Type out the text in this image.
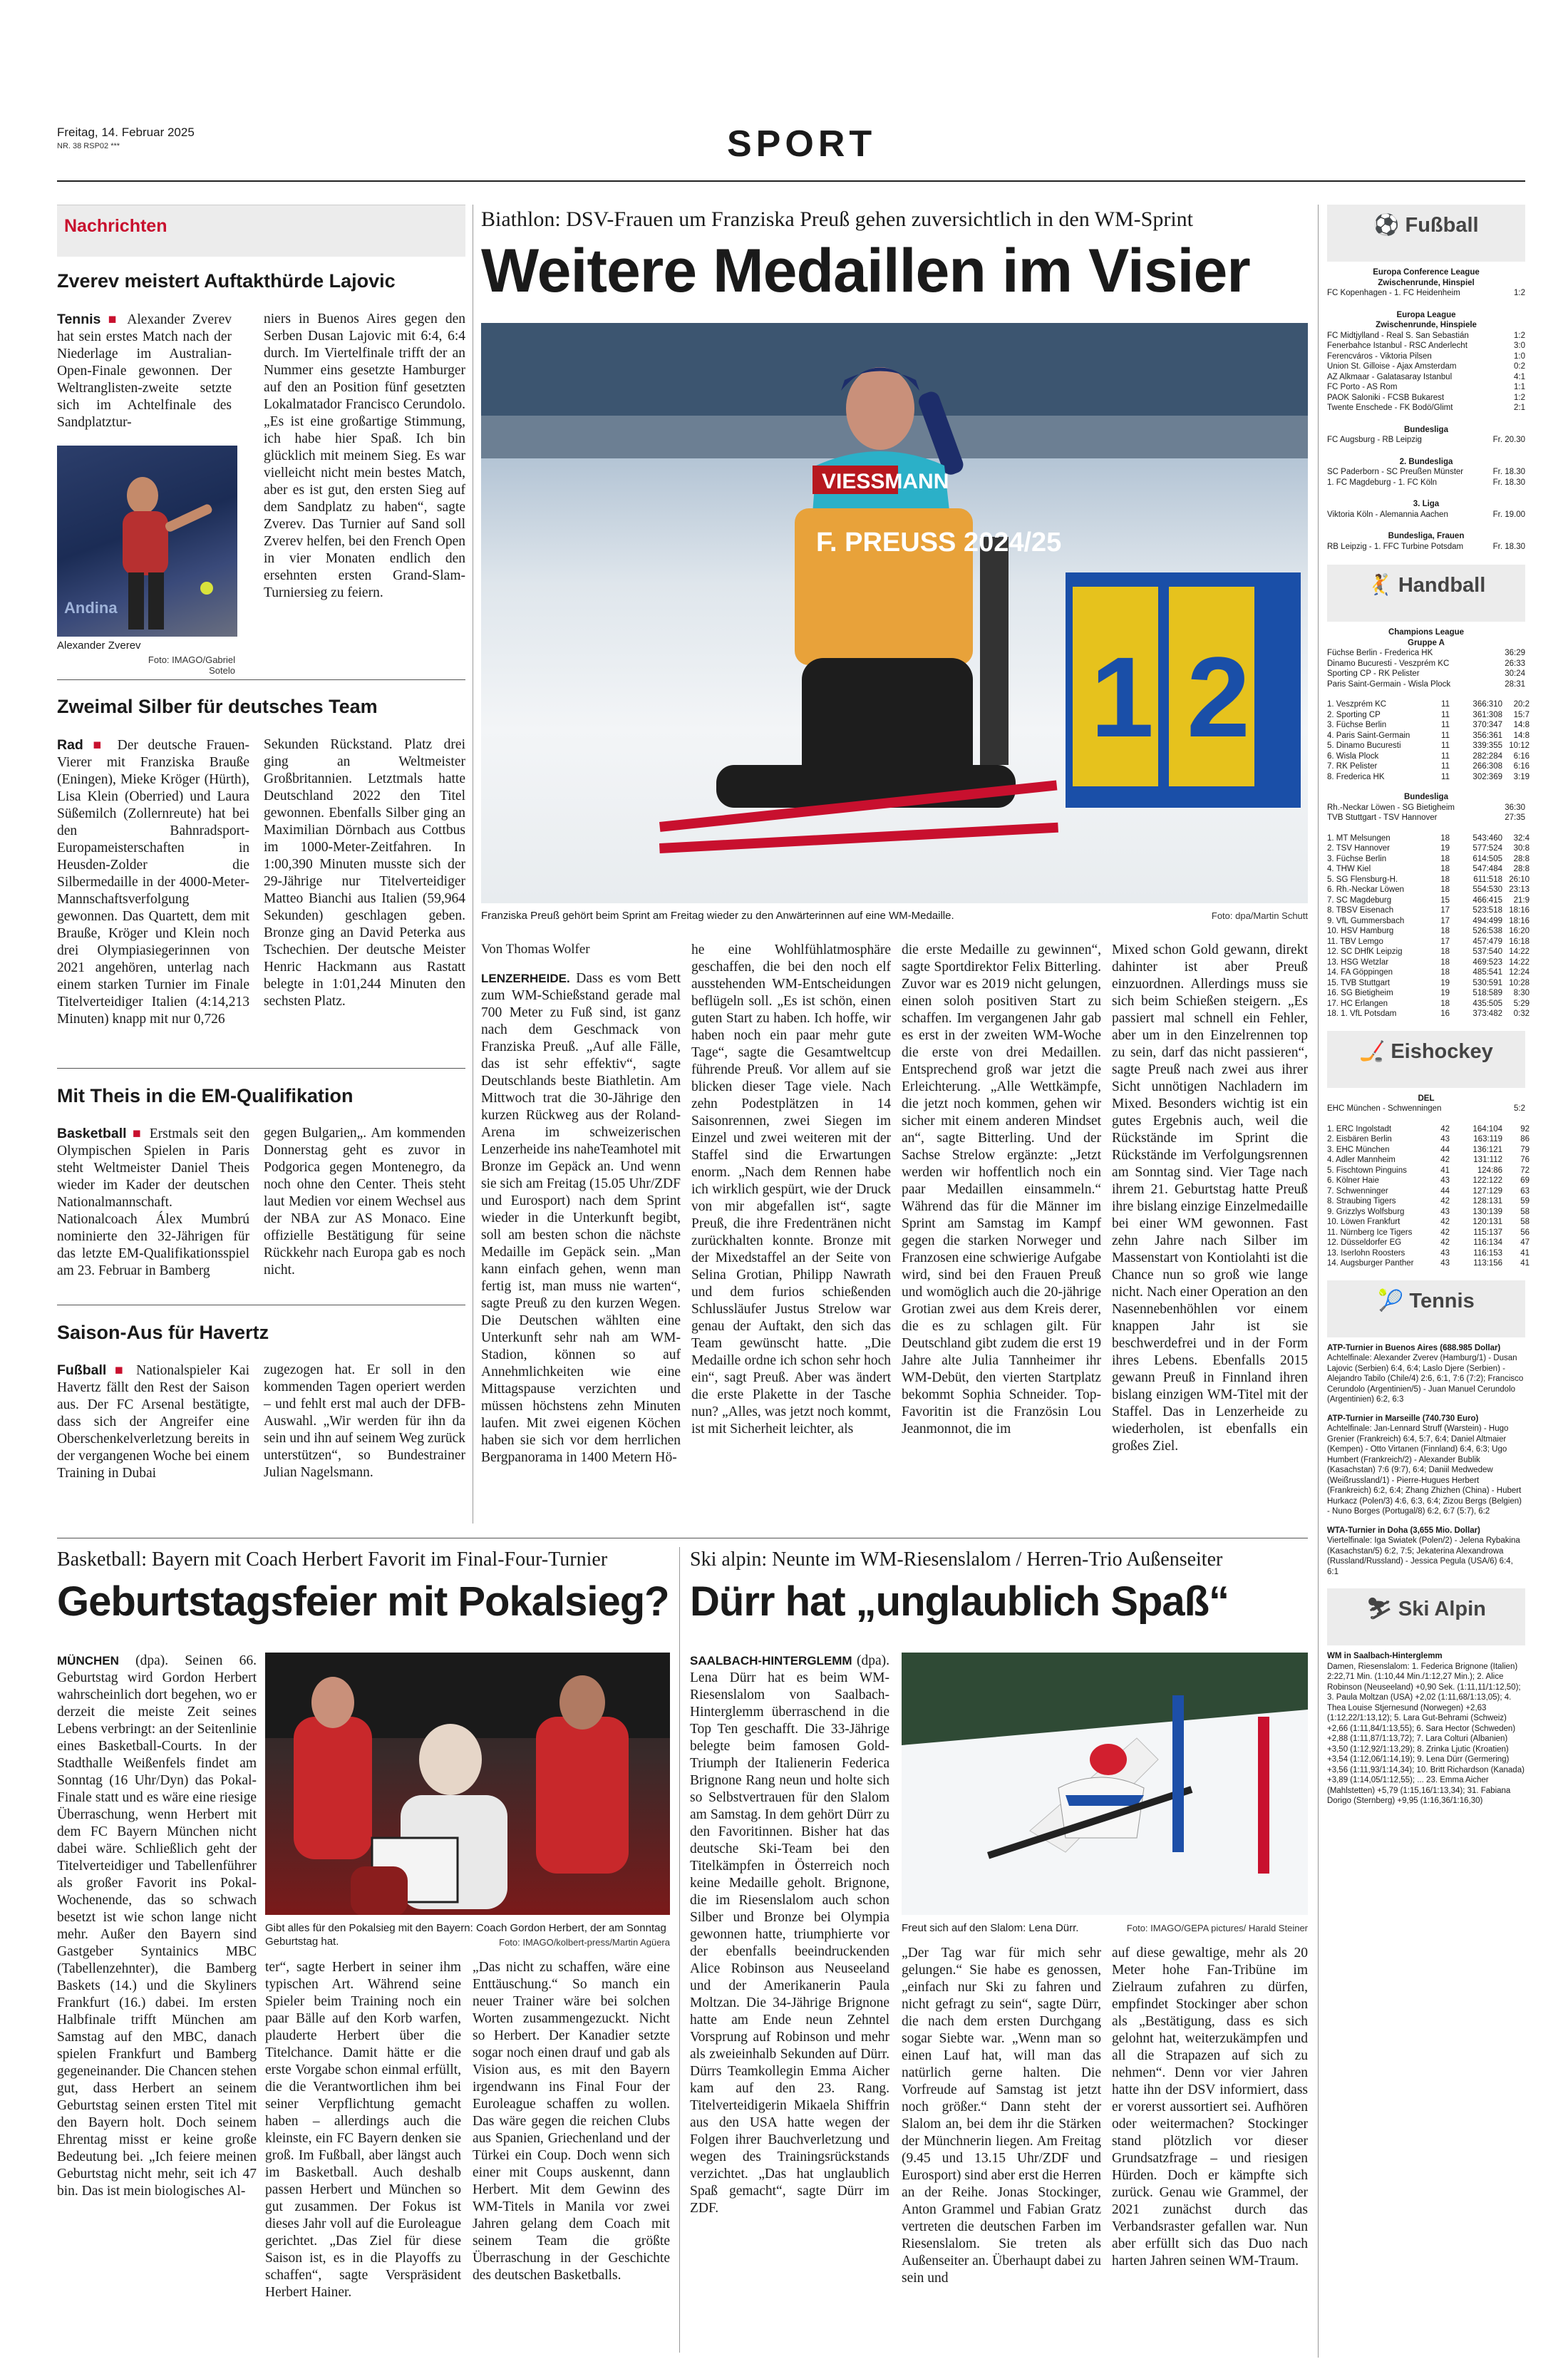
Freitag, 14. Februar 2025
NR. 38 RSP02 ***	SPORT
Nachrichten
Zverev meistert Auftakthürde Lajovic
Andina

Tennis ■ Alexander Zverev hat sein erstes Match nach der Niederlage im Australian-Open-Finale gewonnen. Der Weltranglisten-zweite setzte sich im Achtelfinale des Sandplatztur-

Alexander Zverev
Foto: IMAGO/Gabriel Sotelo
niers in Buenos Aires gegen den Serben Dusan Lajovic mit 6:4, 6:4 durch. Im Viertelfinale trifft der an Nummer eins gesetzte Hamburger auf den an Position fünf gesetzten Lokalmatador Francisco Cerundolo. „Es ist eine großartige Stimmung, ich habe hier Spaß. Ich bin glücklich mit meinem Sieg. Es war vielleicht nicht mein bestes Match, aber es ist gut, den ersten Sieg auf dem Sandplatz zu haben“, sagte Zverev. Das Turnier auf Sand soll Zverev helfen, bei den French Open in vier Monaten endlich den ersehnten ersten Grand-Slam-Turniersieg zu feiern.
Zweimal Silber für deutsches Team

Rad ■ Der deutsche Frauen-Vierer mit Franziska Brauße (Eningen), Mieke Kröger (Hürth), Lisa Klein (Oberried) und Laura Süßemilch (Zollernreute) hat bei den Bahnradsport-Europameisterschaften in Heusden-Zolder die Silbermedaille in der 4000-Meter-Mannschaftsverfolgung gewonnen. Das Quartett, dem mit Brauße, Kröger und Klein noch drei Olympiasiegerinnen von 2021 angehören, unterlag nach einem starken Turnier im Finale Titelverteidiger Italien (4:14,213 Minuten) knapp mit nur 0,726

Sekunden Rückstand. Platz drei ging an Weltmeister Großbritannien. Letztmals hatte Deutschland 2022 den Titel gewonnen. Ebenfalls Silber ging an Maximilian Dörnbach aus Cottbus im 1000-Meter-Zeitfahren. In 1:00,390 Minuten musste sich der 29-Jährige nur Titelverteidiger Matteo Bianchi aus Italien (59,964 Sekunden) geschlagen geben. Bronze ging an David Peterka aus Tschechien. Der deutsche Meister Henric Hackmann aus Rastatt belegte in 1:01,244 Minuten den sechsten Platz.
Mit Theis in die EM-Qualifikation

Basketball ■ Erstmals seit den Olympischen Spielen in Paris steht Weltmeister Daniel Theis wieder im Kader der deutschen Nationalmannschaft. Nationalcoach Álex Mumbrú nominierte den 32-Jährigen für das letzte EM-Qualifikationsspiel am 23. Februar in Bamberg

gegen Bulgarien„. Am kommenden Donnerstag geht es zuvor in Podgorica gegen Montenegro, da noch ohne den Center. Theis steht laut Medien vor einem Wechsel aus der NBA zur AS Monaco. Eine offizielle Bestätigung für seine Rückkehr nach Europa gab es noch nicht.
Saison-Aus für Havertz

Fußball ■ Nationalspieler Kai Havertz fällt den Rest der Saison aus. Der FC Arsenal bestätigte, dass sich der Angreifer eine Oberschenkelverletzung bereits in der vergangenen Woche bei einem Training in Dubai

zugezogen hat. Er soll in den kommenden Tagen operiert werden – und fehlt erst mal auch der DFB-Auswahl. „Wir werden für ihn da sein und ihn auf seinem Weg zurück unterstützen“, so Bundestrainer Julian Nagelsmann.
Biathlon: DSV-Frauen um Franziska Preuß gehen zuversichtlich in den WM-Sprint
Weitere Medaillen im Visier
1 2
VIESSMANN
F. PREUSS 2024/25
Franziska Preuß gehört beim Sprint am Freitag wieder zu den Anwärterinnen auf eine WM-Medaille.	Foto: dpa/Martin Schutt
Von Thomas Wolfer

LENZERHEIDE. Dass es vom Bett zum WM-Schießstand gerade mal 700 Meter zu Fuß sind, ist ganz nach dem Geschmack von Franziska Preuß. „Auf alle Fälle, das ist sehr effektiv“, sagte Deutschlands beste Biathletin. Am Mittwoch trat die 30-Jährige den kurzen Rückweg aus der Roland-Arena im schweizerischen Lenzerheide ins naheTeamhotel mit Bronze im Gepäck an. Und wenn sie sich am Freitag (15.05 Uhr/ZDF und Eurosport) nach dem Sprint wieder in die Unterkunft begibt, soll am besten schon die nächste Medaille im Gepäck sein. „Man kann einfach gehen, wenn man fertig ist, man muss nie warten“, sagte Preuß zu den kurzen Wegen. Die Deutschen wählten eine Unterkunft sehr nah am WM-Stadion, können so auf Annehmlichkeiten wie eine Mittagspause verzichten und müssen höchstens zehn Minuten laufen. Mit zwei eigenen Köchen haben sie sich vor dem herrlichen Bergpanorama in 1400 Metern Hö-

he eine Wohlfühlatmosphäre geschaffen, die bei den noch elf ausstehenden WM-Entscheidungen beflügeln soll. „Es ist schön, einen guten Start zu haben. Ich hoffe, wir haben noch ein paar mehr gute Tage“, sagte die Gesamtweltcup führende Preuß. Vor allem auf sie blicken dieser Tage viele. Nach zehn Podestplätzen in 14 Saisonrennen, zwei Siegen im Einzel und zwei weiteren mit der Staffel sind die Erwartungen enorm. „Nach dem Rennen habe ich wirklich gespürt, wie der Druck von mir abgefallen ist“, sagte Preuß, die ihre Fredentränen nicht zurückhalten konnte. Bronze mit der Mixedstaffel an der Seite von Selina Grotian, Philipp Nawrath und dem furios schießenden Schlussläufer Justus Strelow war genau der Auftakt, den sich das Team gewünscht hatte. „Die Medaille ordne ich schon sehr hoch ein“, sagt Preuß. Aber was ändert die erste Plakette in der Tasche nun? „Alles, was jetzt noch kommt, ist mit Sicherheit leichter, als
die erste Medaille zu gewinnen“, sagte Sportdirektor Felix Bitterling. Zuvor war es 2019 nicht gelungen, einen soloh positiven Start zu schaffen. Im vergangenen Jahr gab es erst in der zweiten WM-Woche die erste von drei Medaillen. Entsprechend groß war jetzt die Erleichterung. „Alle Wettkämpfe, die jetzt noch kommen, gehen wir sicher mit einem anderen Mindset an“, sagte Bitterling. Und der Sachse Strelow ergänzte: „Jetzt werden wir hoffentlich noch ein paar Medaillen einsammeln.“ Während das für die Männer im Sprint am Samstag im Kampf gegen die starken Norweger und Franzosen eine schwierige Aufgabe wird, sind bei den Frauen Preuß und womöglich auch die 20-jährige Grotian zwei aus dem Kreis derer, die es zu schlagen gilt. Für Deutschland gibt zudem die erst 19 Jahre alte Julia Tannheimer ihr WM-Debüt, den vierten Startplatz bekommt Sophia Schneider. Top-Favoritin ist die Französin Lou Jeanmonnot, die im
Mixed schon Gold gewann, direkt dahinter ist aber Preuß einzuordnen. Allerdings muss sie sich beim Schießen steigern. „Es passiert mal schnell ein Fehler, aber um in den Einzelrennen top zu sein, darf das nicht passieren“, sagte Preuß nach zwei aus ihrer Sicht unnötigen Nachladern im Mixed. Besonders wichtig ist ein gutes Ergebnis auch, weil die Rückstände im Sprint die Rückstände im Verfolgungsrennen am Sonntag sind. Vier Tage nach ihrem 21. Geburtstag hatte Preuß ihre bislang einzige Einzelmedaille bei einer WM gewonnen. Fast zehn Jahre nach Silber im Massenstart von Kontiolahti ist die Chance nun so groß wie lange nicht. Nach einer Operation an den Nasennebenhöhlen vor einem knappen Jahr ist sie beschwerdefrei und in der Form ihres Lebens. Ebenfalls 2015 gewann Preuß in Finnland ihren bislang einzigen WM-Titel mit der Staffel. Das in Lenzerheide zu wiederholen, ist ebenfalls ein großes Ziel.
Basketball: Bayern mit Coach Herbert Favorit im Final-Four-Turnier
Geburtstagsfeier mit Pokalsieg?

MÜNCHEN (dpa). Seinen 66. Geburtstag wird Gordon Herbert wahrscheinlich dort begehen, wo er derzeit die meiste Zeit seines Lebens verbringt: an der Seitenlinie eines Basketball-Courts. In der Stadthalle Weißenfels findet am Sonntag (16 Uhr/Dyn) das Pokal-Finale statt und es wäre eine riesige Überraschung, wenn Herbert mit dem FC Bayern München nicht dabei wäre. Schließlich geht der Titelverteidiger und Tabellenführer als großer Favorit ins Pokal-Wochenende, das so schwach besetzt ist wie schon lange nicht mehr. Außer den Bayern sind Gastgeber Syntainics MBC (Tabellenzehnter), die Bamberg Baskets (14.) und die Skyliners Frankfurt (16.) dabei. Im ersten Halbfinale trifft München am Samstag auf den MBC, danach spielen Frankfurt und Bamberg gegeneinander. Die Chancen stehen gut, dass Herbert an seinem Geburtstag seinen ersten Titel mit den Bayern holt. Doch seinem Ehrentag misst er keine große Bedeutung bei. „Ich feiere meinen Geburtstag nicht mehr, seit ich 47 bin. Das ist mein biologisches Al-

Gibt alles für den Pokalsieg mit den Bayern: Coach Gordon Herbert, der am Sonntag Geburtstag hat.	Foto: IMAGO/kolbert-press/Martin Agüera
ter“, sagte Herbert in seiner ihm typischen Art. Während seine Spieler beim Training noch ein paar Bälle auf den Korb warfen, plauderte Herbert über die Titelchance. Damit hätte er die erste Vorgabe schon einmal erfüllt, die die Verantwortlichen ihm bei seiner Verpflichtung gemacht haben – allerdings auch die kleinste, ein FC Bayern denken sie groß. Im Fußball, aber längst auch im Basketball. Auch deshalb passen Herbert und München so gut zusammen. Der Fokus ist dieses Jahr voll auf die Euroleague gerichtet. „Das Ziel für diese Saison ist, es in die Playoffs zu schaffen“, sagte Verspräsident Herbert Hainer.
„Das nicht zu schaffen, wäre eine Enttäuschung.“ So manch ein neuer Trainer wäre bei solchen Worten zusammengezuckt. Nicht so Herbert. Der Kanadier setzte sogar noch einen drauf und gab als Vision aus, es mit den Bayern irgendwann ins Final Four der Euroleague schaffen zu wollen. Das wäre gegen die reichen Clubs aus Spanien, Griechenland und der Türkei ein Coup. Doch wenn sich einer mit Coups auskennt, dann Herbert. Mit dem Gewinn des WM-Titels in Manila vor zwei Jahren gelang dem Coach mit seinem Team die größte Überraschung in der Geschichte des deutschen Basketballs.
Ski alpin: Neunte im WM-Riesenslalom / Herren-Trio Außenseiter
Dürr hat „unglaublich Spaß“

SAALBACH-HINTERGLEMM (dpa). Lena Dürr hat es beim WM-Riesenslalom von Saalbach-Hinterglemm überraschend in die Top Ten geschafft. Die 33-Jährige belegte beim famosen Gold-Triumph der Italienerin Federica Brignone Rang neun und holte sich so Selbstvertrauen für den Slalom am Samstag. In dem gehört Dürr zu den Favoritinnen. Bisher hat das deutsche Ski-Team bei den Titelkämpfen in Österreich noch keine Medaille geholt. Brignone, die im Riesenslalom auch schon Silber und Bronze bei Olympia gewonnen hatte, triumphierte vor der ebenfalls beeindruckenden Alice Robinson aus Neuseeland und der Amerikanerin Paula Moltzan. Die 34-Jährige Brignone hatte am Ende neun Zehntel Vorsprung auf Robinson und mehr als zweieinhalb Sekunden auf Dürr. Dürrs Teamkollegin Emma Aicher kam auf den 23. Rang. Titelverteidigerin Mikaela Shiffrin aus den USA hatte wegen der Folgen ihrer Bauchverletzung und wegen des Trainingsrückstands verzichtet. „Das hat unglaublich Spaß gemacht“, sagte Dürr im ZDF.

Freut sich auf den Slalom: Lena Dürr.	Foto: IMAGO/GEPA pictures/ Harald Steiner
„Der Tag war für mich sehr gelungen.“ Sie habe es genossen, „einfach nur Ski zu fahren und nicht gefragt zu sein“, sagte Dürr, die nach dem ersten Durchgang sogar Siebte war. „Wenn man so einen Lauf hat, will man das natürlich gerne halten. Die Vorfreude auf Samstag ist jetzt noch größer.“ Dann steht der Slalom an, bei dem ihr die Stärken der Münchnerin liegen. Am Freitag (9.45 und 13.15 Uhr/ZDF und Eurosport) sind aber erst die Herren an der Reihe. Jonas Stockinger, Anton Grammel und Fabian Gratz vertreten die deutschen Farben im Riesenslalom. Sie treten als Außenseiter an. Überhaupt dabei zu sein und
auf diese gewaltige, mehr als 20 Meter hohe Fan-Tribüne im Zielraum zufahren zu dürfen, empfindet Stockinger aber schon als „Bestätigung, dass es sich gelohnt hat, weiterzukämpfen und all die Strapazen auf sich zu nehmen“. Denn vor vier Jahren hatte ihn der DSV informiert, dass er vorerst aussortiert sei. Aufhören oder weitermachen? Stockinger stand plötzlich vor dieser Grundsatzfrage – und riesigen Hürden. Doch er kämpfte sich zurück. Genau wie Grammel, der 2021 zunächst durch das Verbandsraster gefallen war. Nun aber erfüllt sich das Duo nach harten Jahren seinen WM-Traum.
⚽ Fußball
Europa Conference League
Zwischenrunde, Hinspiel
FC Kopenhagen - 1. FC Heidenheim	1:2
Europa League
Zwischenrunde, Hinspiele
FC Midtjylland - Real S. San Sebastián	1:2
Fenerbahce Istanbul - RSC Anderlecht	3:0
Ferencváros - Viktoria Pilsen	1:0
Union St. Gilloise - Ajax Amsterdam	0:2
AZ Alkmaar - Galatasaray Istanbul	4:1
FC Porto - AS Rom	1:1
PAOK Saloniki - FCSB Bukarest	1:2
Twente Enschede - FK Bodö/Glimt	2:1
Bundesliga
FC Augsburg - RB Leipzig	Fr. 20.30
2. Bundesliga
SC Paderborn - SC Preußen Münster	Fr. 18.30
1. FC Magdeburg - 1. FC Köln	Fr. 18.30
3. Liga
Viktoria Köln - Alemannia Aachen	Fr. 19.00
Bundesliga, Frauen
RB Leipzig - 1. FFC Turbine Potsdam	Fr. 18.30
🤾 Handball
Champions League
Gruppe A
Füchse Berlin - Frederica HK	36:29
Dinamo Bucuresti - Veszprém KC	26:33
Sporting CP - RK Pelister	30:24
Paris Saint-Germain - Wisla Plock	28:31
1. Veszprém KC	11	366:310	20:2
2. Sporting CP	11	361:308	15:7
3. Füchse Berlin	11	370:347	14:8
4. Paris Saint-Germain	11	356:361	14:8
5. Dinamo Bucuresti	11	339:355 10:12
6. Wisla Plock	11	282:284	6:16
7. RK Pelister	11	266:308	6:16
8. Frederica HK	11	302:369	3:19
Bundesliga
Rh.-Neckar Löwen - SG Bietigheim	36:30
TVB Stuttgart - TSV Hannover	27:35
1. MT Melsungen	18	543:460	32:4
2. TSV Hannover	19	577:524	30:8
3. Füchse Berlin	18	614:505	28:8
4. THW Kiel	18	547:484	28:8
5. SG Flensburg-H.	18	611:518 26:10
6. Rh.-Neckar Löwen	18	554:530 23:13
7. SC Magdeburg	15	466:415	21:9
8. TBSV Eisenach	17	523:518 18:16
9. VfL Gummersbach	17	494:499 18:16
10. HSV Hamburg	18	526:538 16:20
11. TBV Lemgo	17	457:479 16:18
12. SC DHfK Leipzig	18	537:540 14:22
13. HSG Wetzlar	18	469:523 14:22
14. FA Göppingen	18	485:541 12:24
15. TVB Stuttgart	19	530:591 10:28
16. SG Bietigheim	19	518:589	8:30
17. HC Erlangen	18	435:505	5:29
18. 1. VfL Potsdam	16	373:482	0:32
🏒 Eishockey
DEL
EHC München - Schwenningen	5:2
1. ERC Ingolstadt	42	164:104	92
2. Eisbären Berlin	43	163:119	86
3. EHC München	44	136:121	79
4. Adler Mannheim	42	131:112	76
5. Fischtown Pinguins	41	124:86	72
6. Kölner Haie	43	122:122	69
7. Schwenninger	44	127:129	63
8. Straubing Tigers	42	128:131	59
9. Grizzlys Wolfsburg	43	130:139	58
10. Löwen Frankfurt	42	120:131	58
11. Nürnberg Ice Tigers	42	115:137	56
12. Düsseldorfer EG	42	116:134	47
13. Iserlohn Roosters	43	116:153	41
14. Augsburger Panther	43	113:156	41
🎾 Tennis
ATP-Turnier in Buenos Aires (688.985 Dollar)
Achtelfinale: Alexander Zverev (Hamburg/1) - Dusan Lajovic (Serbien) 6:4, 6:4; Laslo Djere (Serbien) - Alejandro Tabilo (Chile/4) 2:6, 6:1, 7:6 (7:2); Francisco Cerundolo (Argentinien/5) - Juan Manuel Cerundolo (Argentinien) 6:2, 6:3
ATP-Turnier in Marseille (740.730 Euro)
Achtelfinale: Jan-Lennard Struff (Warstein) - Hugo Grenier (Frankreich) 6:4, 5:7, 6:4; Daniel Altmaier (Kempen) - Otto Virtanen (Finnland) 6:4, 6:3; Ugo Humbert (Frankreich/2) - Alexander Bublik (Kasachstan) 7:6 (9:7), 6:4; Daniil Medwedew (Weißrussland/1) - Pierre-Hugues Herbert (Frankreich) 6:2, 6:4; Zhang Zhizhen (China) - Hubert Hurkacz (Polen/3) 4:6, 6:3, 6:4; Zizou Bergs (Belgien) - Nuno Borges (Portugal/8) 6:2, 6:7 (5:7), 6:2
WTA-Turnier in Doha (3,655 Mio. Dollar)
Viertelfinale: Iga Swiatek (Polen/2) - Jelena Rybakina (Kasachstan/5) 6:2, 7:5; Jekaterina Alexandrowa (Russland/Russland) - Jessica Pegula (USA/6) 6:4, 6:1
⛷ Ski Alpin
WM in Saalbach-Hinterglemm
Damen, Riesenslalom: 1. Federica Brignone (Italien) 2:22,71 Min. (1:10,44 Min./1:12,27 Min.); 2. Alice Robinson (Neuseeland) +0,90 Sek. (1:11,11/1:12,50); 3. Paula Moltzan (USA) +2,02 (1:11,68/1:13,05); 4. Thea Louise Stjernesund (Norwegen) +2,63 (1:12,22/1:13,12); 5. Lara Gut-Behrami (Schweiz) +2,66 (1:11,84/1:13,55); 6. Sara Hector (Schweden) +2,88 (1:11,87/1:13,72); 7. Lara Colturi (Albanien) +3,50 (1:12,92/1:13,29); 8. Zrinka Ljutic (Kroatien) +3,54 (1:12,06/1:14,19); 9. Lena Dürr (Germering) +3,56 (1:11,93/1:14,34); 10. Britt Richardson (Kanada) +3,89 (1:14,05/1:12,55); ... 23. Emma Aicher (Mahlstetten) +5,79 (1:15,16/1:13,34); 31. Fabiana Dorigo (Sternberg) +9,95 (1:16,36/1:16,30)
